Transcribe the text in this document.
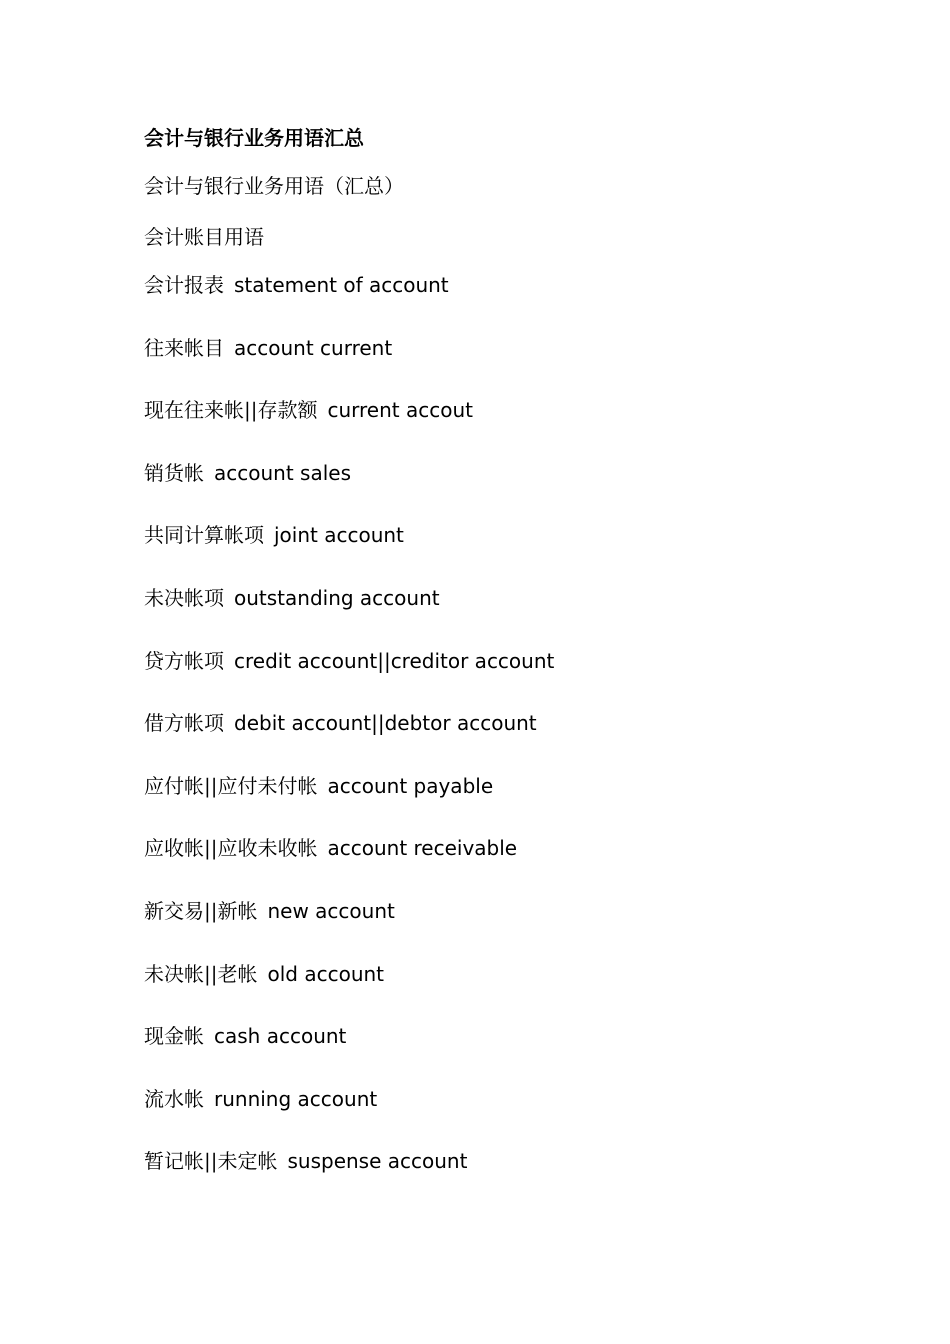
会计与银行业务用语汇总
会计与银行业务用语（汇总）
会计账目用语
会计报表 statement of account
往来帐目 account current
现在往来帐||存款额 current accout
销货帐 account sales
共同计算帐项 joint account
未决帐项 outstanding account
贷方帐项 credit account||creditor account
借方帐项 debit account||debtor account
应付帐||应付未付帐 account payable
应收帐||应收未收帐 account receivable
新交易||新帐 new account
未决帐||老帐 old account
现金帐 cash account
流水帐 running account
暂记帐||未定帐 suspense account
